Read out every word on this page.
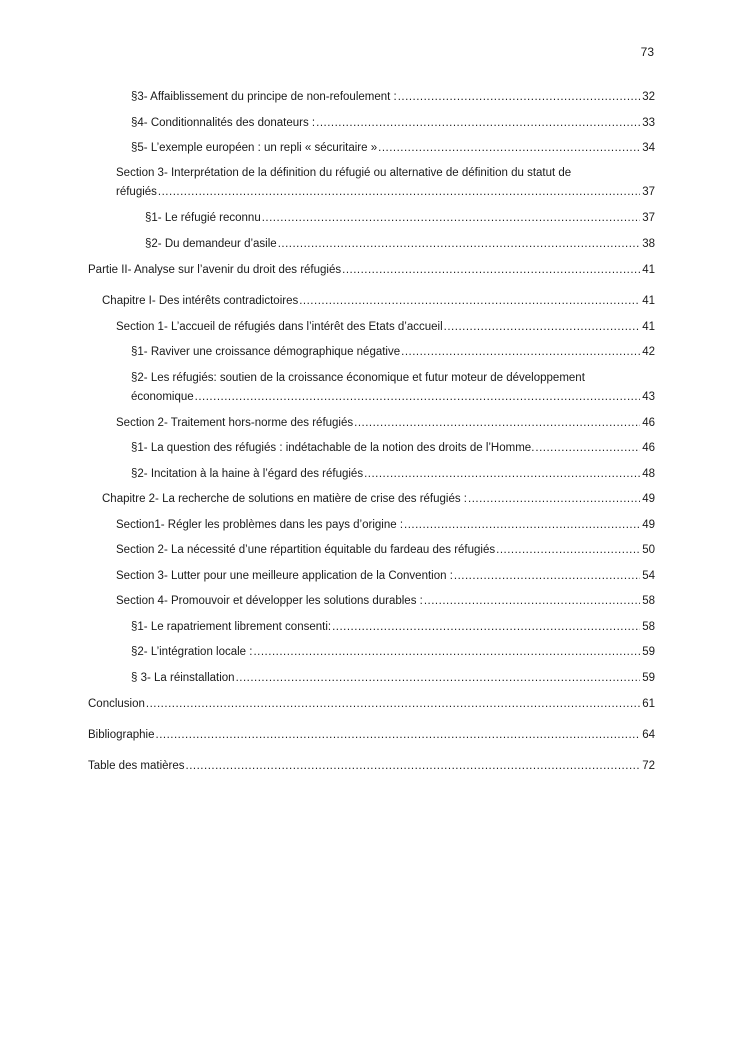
73
§3- Affaiblissement du principe de non-refoulement : .....	32
§4- Conditionnalités des donateurs : .....	33
§5- L’exemple européen : un repli « sécuritaire » .....	34
Section 3- Interprétation de la définition du réfugié ou alternative de définition du statut de
réfugiés .....	37
§1- Le réfugié reconnu .....	37
§2- Du demandeur d’asile .....	38
Partie II- Analyse sur l’avenir du droit des réfugiés .....	41
Chapitre I- Des intérêts contradictoires .....	41
Section 1- L’accueil de réfugiés dans l’intérêt des Etats d’accueil .....	41
§1- Raviver une croissance démographique négative .....	42
§2- Les réfugiés: soutien de la croissance économique et futur moteur de développement
économique .....	43
Section 2- Traitement hors-norme des réfugiés .....	46
§1- La question des réfugiés : indétachable de la notion des droits de l’Homme. .....	46
§2- Incitation à la haine à l’égard des réfugiés .....	48
Chapitre 2- La recherche de solutions en matière de crise des réfugiés : .....	49
Section1- Régler les problèmes dans les pays d’origine : .....	49
Section 2- La nécessité d’une répartition équitable du fardeau des réfugiés .....	50
Section 3- Lutter pour une meilleure application de la Convention : .....	54
Section 4- Promouvoir et développer les solutions durables : .....	58
§1- Le rapatriement librement consenti: .....	58
§2- L’intégration locale : .....	59
§ 3- La réinstallation .....	59
Conclusion .....	61
Bibliographie .....	64
Table des matières .....	72
